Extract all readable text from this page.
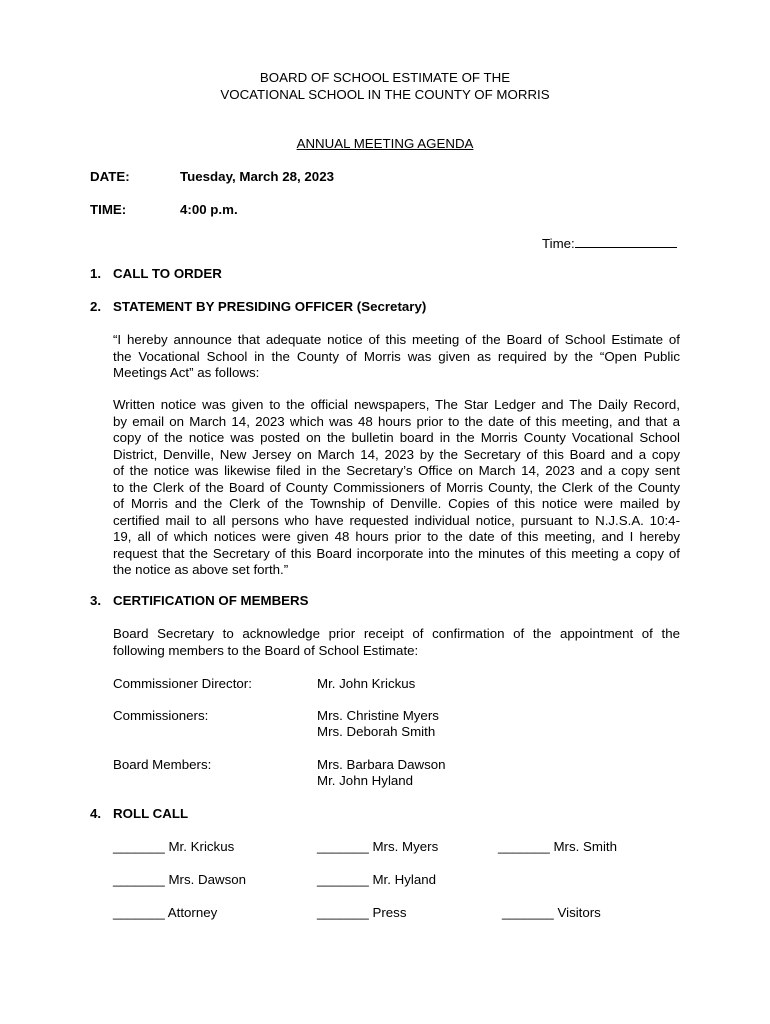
BOARD OF SCHOOL ESTIMATE OF THE
VOCATIONAL SCHOOL IN THE COUNTY OF MORRIS
ANNUAL MEETING AGENDA
DATE:	Tuesday, March 28, 2023
TIME:	4:00 p.m.
Time:
1. CALL TO ORDER
2. STATEMENT BY PRESIDING OFFICER (Secretary)
“I hereby announce that adequate notice of this meeting of the Board of School Estimate of
the Vocational School in the County of Morris was given as required by the “Open Public
Meetings Act” as follows:
Written notice was given to the official newspapers, The Star Ledger and The Daily Record,
by email on March 14, 2023 which was 48 hours prior to the date of this meeting, and that a
copy of the notice was posted on the bulletin board in the Morris County Vocational School
District, Denville, New Jersey on March 14, 2023 by the Secretary of this Board and a copy
of the notice was likewise filed in the Secretary’s Office on March 14, 2023 and a copy sent
to the Clerk of the Board of County Commissioners of Morris County, the Clerk of the County
of Morris and the Clerk of the Township of Denville. Copies of this notice were mailed by
certified mail to all persons who have requested individual notice, pursuant to N.J.S.A. 10:4-
19, all of which notices were given 48 hours prior to the date of this meeting, and I hereby
request that the Secretary of this Board incorporate into the minutes of this meeting a copy of
the notice as above set forth.”
3. CERTIFICATION OF MEMBERS
Board Secretary to acknowledge prior receipt of confirmation of the appointment of the
following members to the Board of School Estimate:
Commissioner Director:	Mr. John Krickus
Commissioners:	Mrs. Christine Myers
Mrs. Deborah Smith
Board Members:	Mrs. Barbara Dawson
Mr. John Hyland
4. ROLL CALL
_______ Mr. Krickus	_______ Mrs. Myers	_______ Mrs. Smith
_______ Mrs. Dawson	_______ Mr. Hyland
_______ Attorney	_______ Press	_______ Visitors
